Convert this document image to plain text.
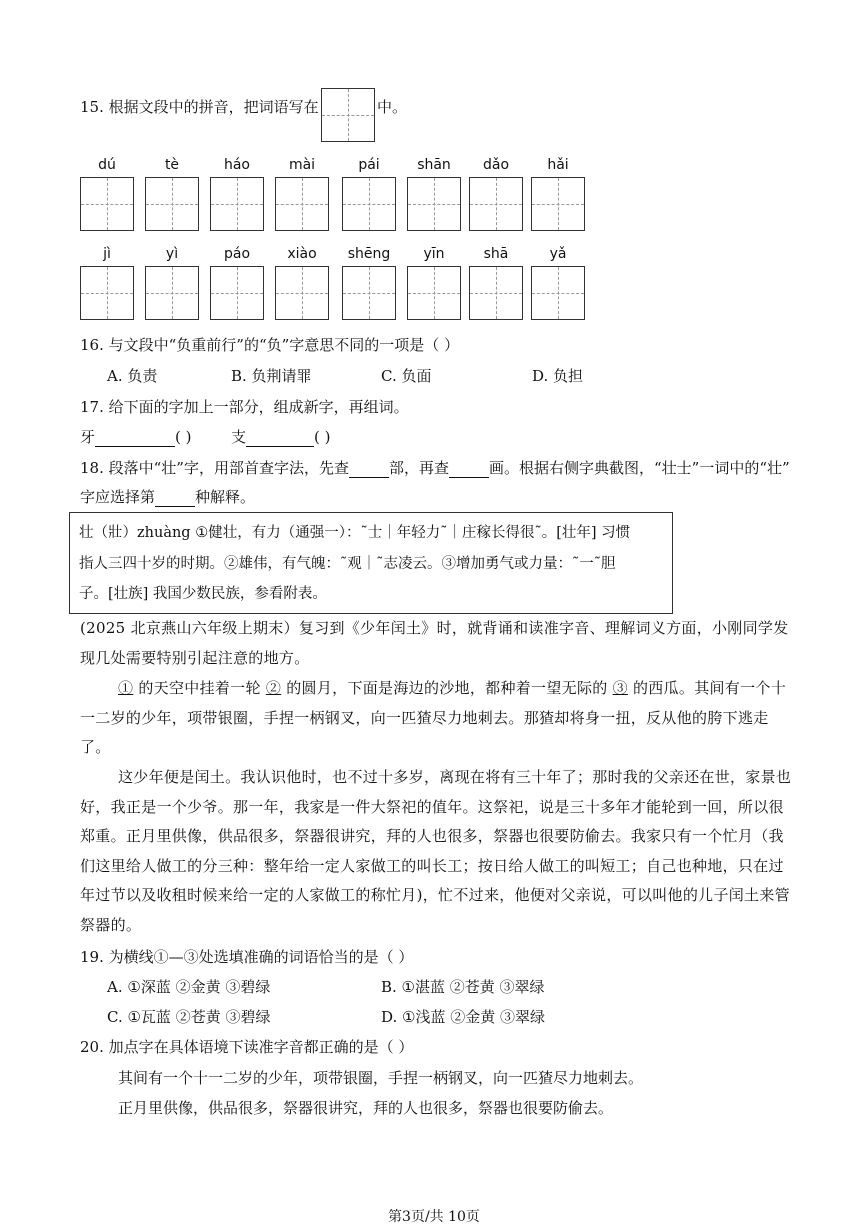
15. 根据文段中的拼音，把词语写在	中。
dú	tè	háo	mài	pái	shān	dǎo	hǎi
jì	yì	páo	xiào	shēng	yīn	shā	yǎ
16. 与文段中“负重前行”的“负”字意思不同的一项是（ ）
A. 负责	B. 负荆请罪	C. 负面	D. 负担
17. 给下面的字加上一部分，组成新字，再组词。
牙	( )	支	( )
18. 段落中“壮”字，用部首查字法，先查	部，再查	画。根据右侧字典截图，“壮士”一词中的“壮”
字应选择第	种解释。
壮（壯）zhuàng ①健壮，有力（通强一）：˜士｜年轻力˜｜庄稼长得很˜。[壮年] 习惯
指人三四十岁的时期。②雄伟，有气魄：˜观｜˜志凌云。③增加勇气或力量：˜一˜胆
子。[壮族] 我国少数民族，参看附表。
(2025 北京燕山六年级上期末）复习到《少年闰土》时，就背诵和读准字音、理解词义方面，小刚同学发现几处需要特别引起注意的地方。
① 的天空中挂着一轮 ② 的圆月，下面是海边的沙地，都种着一望无际的 ③ 的西瓜。其间有一个十一二岁的少年，项带银圈，手捏一柄钢叉，向一匹猹尽力地刺去。那猹却将身一扭，反从他的胯下逃走了。
这少年便是闰土。我认识他时，也不过十多岁，离现在将有三十年了；那时我的父亲还在世，家景也好，我正是一个少爷。那一年，我家是一件大祭祀的值年。这祭祀，说是三十多年才能轮到一回，所以很郑重。正月里供像，供品很多，祭器很讲究，拜的人也很多，祭器也很要防偷去。我家只有一个忙月（我们这里给人做工的分三种：整年给一定人家做工的叫长工；按日给人做工的叫短工；自己也种地，只在过年过节以及收租时候来给一定的人家做工的称忙月)，忙不过来，他便对父亲说，可以叫他的儿子闰土来管祭器的。
19. 为横线①—③处选填准确的词语恰当的是（ ）
A. ①深蓝 ②金黄 ③碧绿	B. ①湛蓝 ②苍黄 ③翠绿
C. ①瓦蓝 ②苍黄 ③碧绿	D. ①浅蓝 ②金黄 ③翠绿
20. 加点字在具体语境下读准字音都正确的是（ ）
其间有一个十一二岁的少年，项带银圈，手捏一柄钢叉，向一匹猹尽力地刺去。
正月里供像，供品很多，祭器很讲究，拜的人也很多，祭器也很要防偷去。
第3页/共 10页
